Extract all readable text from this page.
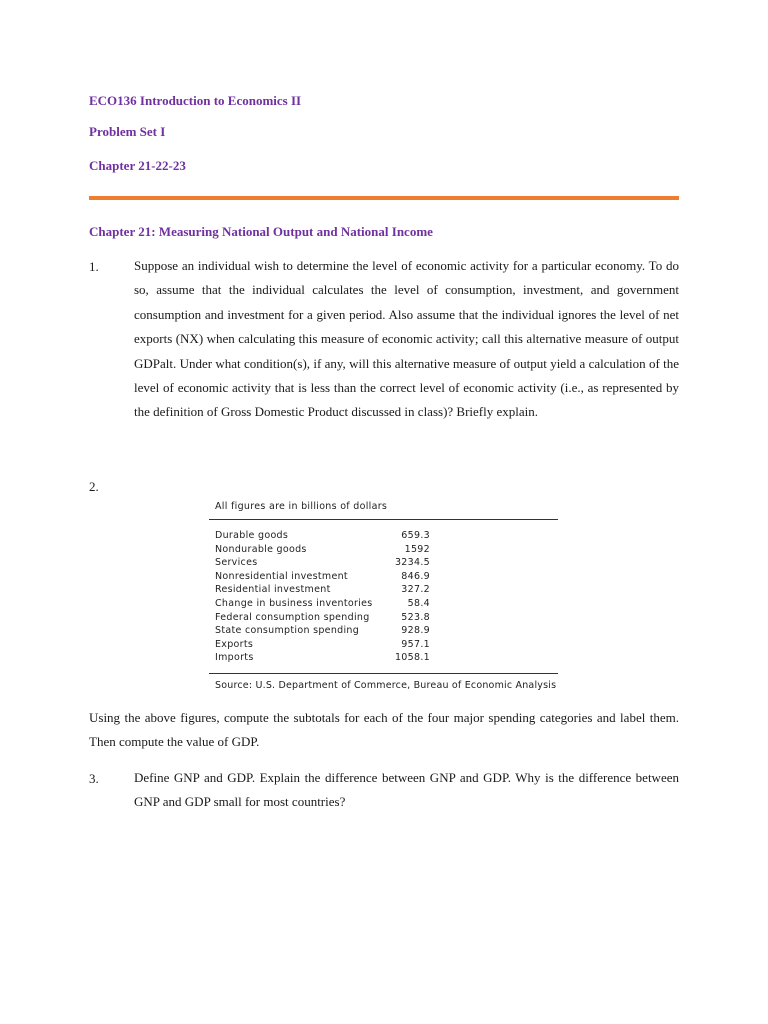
ECO136 Introduction to Economics II
Problem Set I
Chapter 21-22-23
Chapter 21: Measuring National Output and National Income
1.	Suppose an individual wish to determine the level of economic activity for a particular economy. To do so, assume that the individual calculates the level of consumption, investment, and government consumption and investment for a given period. Also assume that the individual ignores the level of net exports (NX) when calculating this measure of economic activity; call this alternative measure of output GDPalt. Under what condition(s), if any, will this alternative measure of output yield a calculation of the level of economic activity that is less than the correct level of economic activity (i.e., as represented by the definition of Gross Domestic Product discussed in class)? Briefly explain.
2.
All figures are in billions of dollars
Durable goods	659.3
Nondurable goods	1592
Services	3234.5
Nonresidential investment	846.9
Residential investment	327.2
Change in business inventories	58.4
Federal consumption spending	523.8
State consumption spending	928.9
Exports	957.1
Imports	1058.1
Source: U.S. Department of Commerce, Bureau of Economic Analysis
Using the above figures, compute the subtotals for each of the four major spending categories and label them. Then compute the value of GDP.
3.	Define GNP and GDP. Explain the difference between GNP and GDP. Why is the difference between GNP and GDP small for most countries?
